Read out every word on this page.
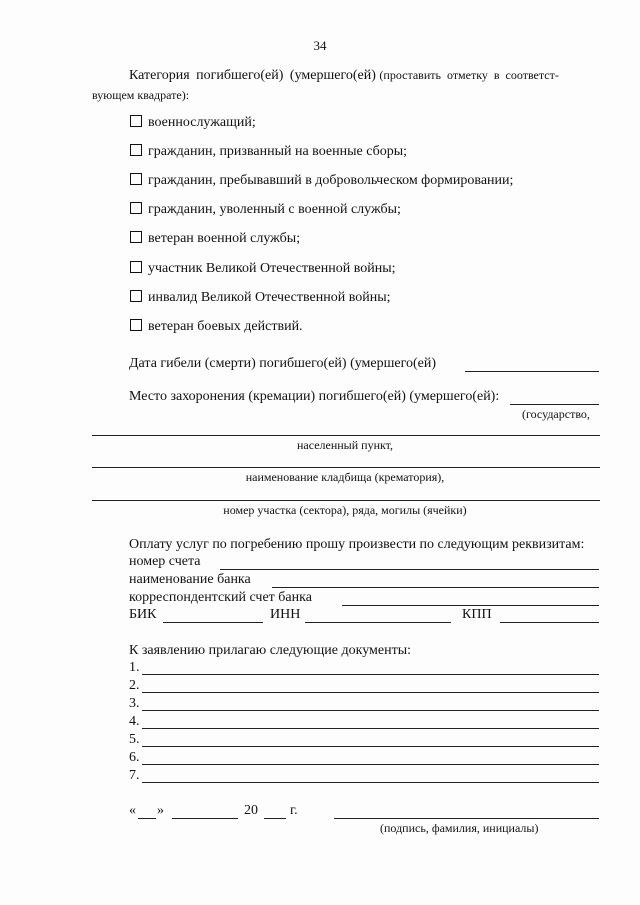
34
Категория погибшего(ей) (умершего(ей) (проставить отметку в соответст-
вующем квадрате):
военнослужащий;
гражданин, призванный на военные сборы;
гражданин, пребывавший в добровольческом формировании;
гражданин, уволенный с военной службы;
ветеран военной службы;
участник Великой Отечественной войны;
инвалид Великой Отечественной войны;
ветеран боевых действий.
Дата гибели (смерти) погибшего(ей) (умершего(ей)
Место захоронения (кремации) погибшего(ей) (умершего(ей):
(государство,
населенный пункт,
наименование кладбища (крематория),
номер участка (сектора), ряда, могилы (ячейки)
Оплату услуг по погребению прошу произвести по следующим реквизитам:
номер счета
наименование банка
корреспондентский счет банка
БИК	ИНН	КПП
К заявлению прилагаю следующие документы:
1.
2.
3.
4.
5.
6.
7.
« »	20 г.
(подпись, фамилия, инициалы)
